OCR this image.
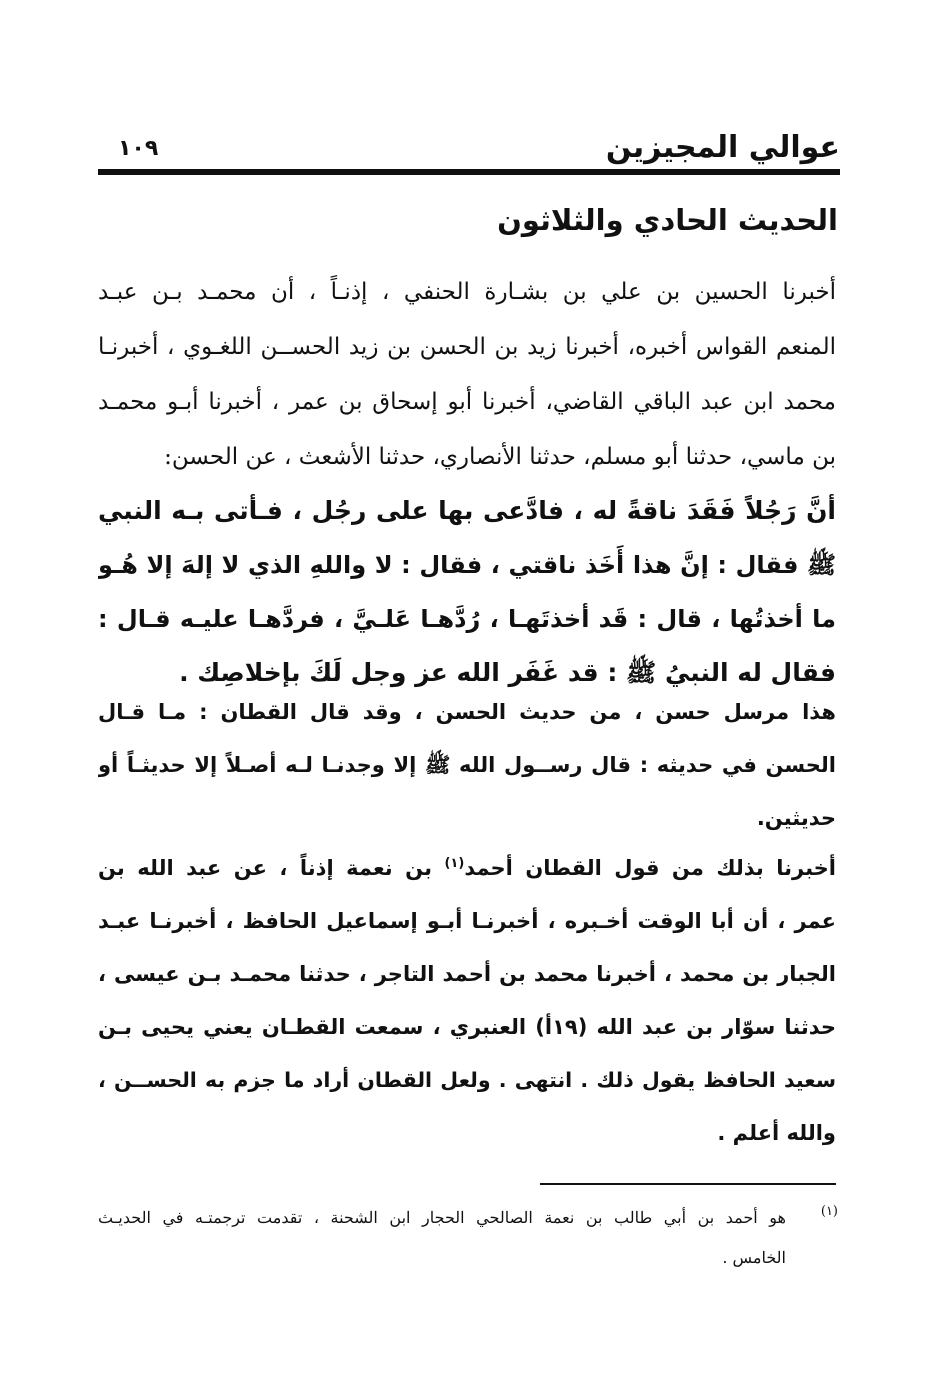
عوالي المجيزين
١٠٩
الحديث الحادي والثلاثون
أخبرنا الحسين بن علي بن بشـارة الحنفي ، إذنـاً ، أن محمـد بـن عبـد
المنعم القواس أخبره، أخبرنا زيد بن الحسن بن زيد الحســن اللغـوي ، أخبرنـا
محمد ابن عبد الباقي القاضي، أخبرنا أبو إسحاق بن عمر ، أخبرنا أبـو محمـد
بن ماسي، حدثنا أبو مسلم، حدثنا الأنصاري، حدثنا الأشعث ، عن الحسن:
أنَّ رَجُلاً فَقَدَ ناقةً له ، فادَّعى بها على رجُل ، فـأتى بـه النبي
ﷺ فقال : إنَّ هذا أَخَذ ناقتي ، فقال : لا واللهِ الذي لا إلهَ إلا هُـو
ما أخذتُها ، قال : قَد أخذتَهـا ، رُدَّهـا عَلـيَّ ، فردَّهـا عليـه قـال :
فقال له النبيُ ﷺ : قد غَفَر الله عز وجل لَكَ بإخلاصِك .
هذا مرسل حسن ، من حديث الحسن ، وقد قال القطان : مـا قـال
الحسن في حديثه : قال رســول الله ﷺ إلا وجدنـا لـه أصـلاً إلا حديثـاً أو
حديثين.
أخبرنا بذلك من قول القطان أحمد$^{(١)}$ بن نعمة إذناً ، عن عبد الله بن
عمر ، أن أبا الوقت أخـبره ، أخبرنـا أبـو إسماعيل الحافظ ، أخبرنـا عبـد
الجبار بن محمد ، أخبرنا محمد بن أحمد التاجر ، حدثنا محمـد بـن عيسى ،
حدثنا سوّار بن عبد الله (١٩أ) العنبري ، سمعت القطـان يعني يحيى بـن
سعيد الحافظ يقول ذلك . انتهى . ولعل القطان أراد ما جزم به الحســن ،
والله أعلم .
(١)
هو أحمد بن أبي طالب بن نعمة الصالحي الحجار ابن الشحنة ، تقدمت ترجمتـه في الحديـث
الخامس .
